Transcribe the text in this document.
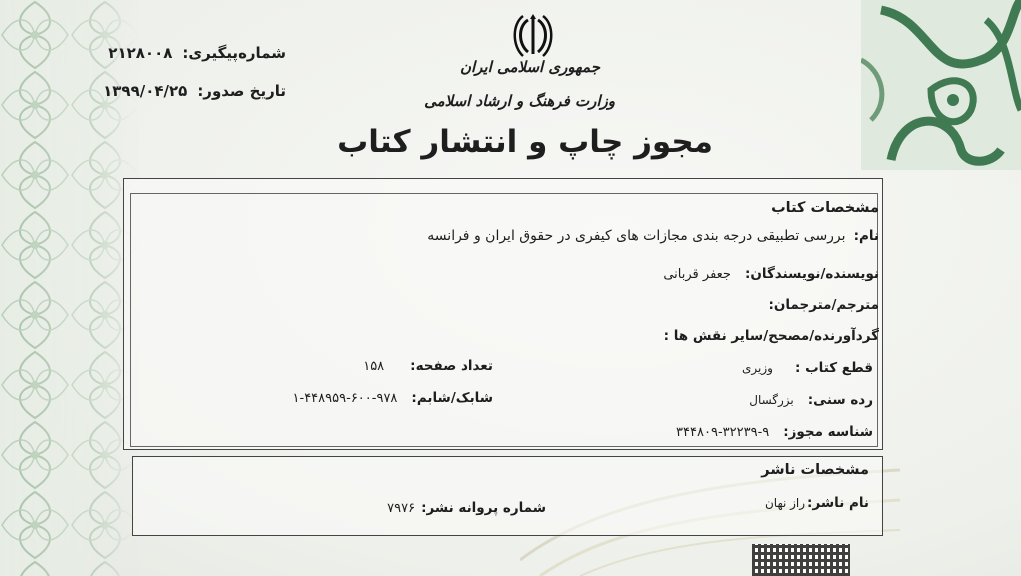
شماره‌پیگیری:۲۱۲۸۰۰۸
تاریخ صدور:۱۳۹۹/۰۴/۲۵
جمهوری اسلامی ایران
وزارت فرهنگ و ارشاد اسلامی
مجوز چاپ و انتشار کتاب
مشخصات کتاب
نام:بررسی تطبیقی درجه بندی مجازات های کیفری در حقوق ایران و فرانسه
نویسنده/نویسندگان:جعفر قربانی
مترجم/مترجمان:
گردآورنده/مصحح/سایر نقش ها :
قطع کتاب :وزیری
تعداد صفحه:۱۵۸
رده سنی:بزرگسال
شابک/شابم:۹۷۸-۶۰۰-۴۴۸۹۵۹-۱
شناسه مجوز:۹-۳۲۲۳۹-۳۴۴۸۰۹
مشخصات ناشر
نام ناشر:راز نهان
شماره پروانه نشر:۷۹۷۶
